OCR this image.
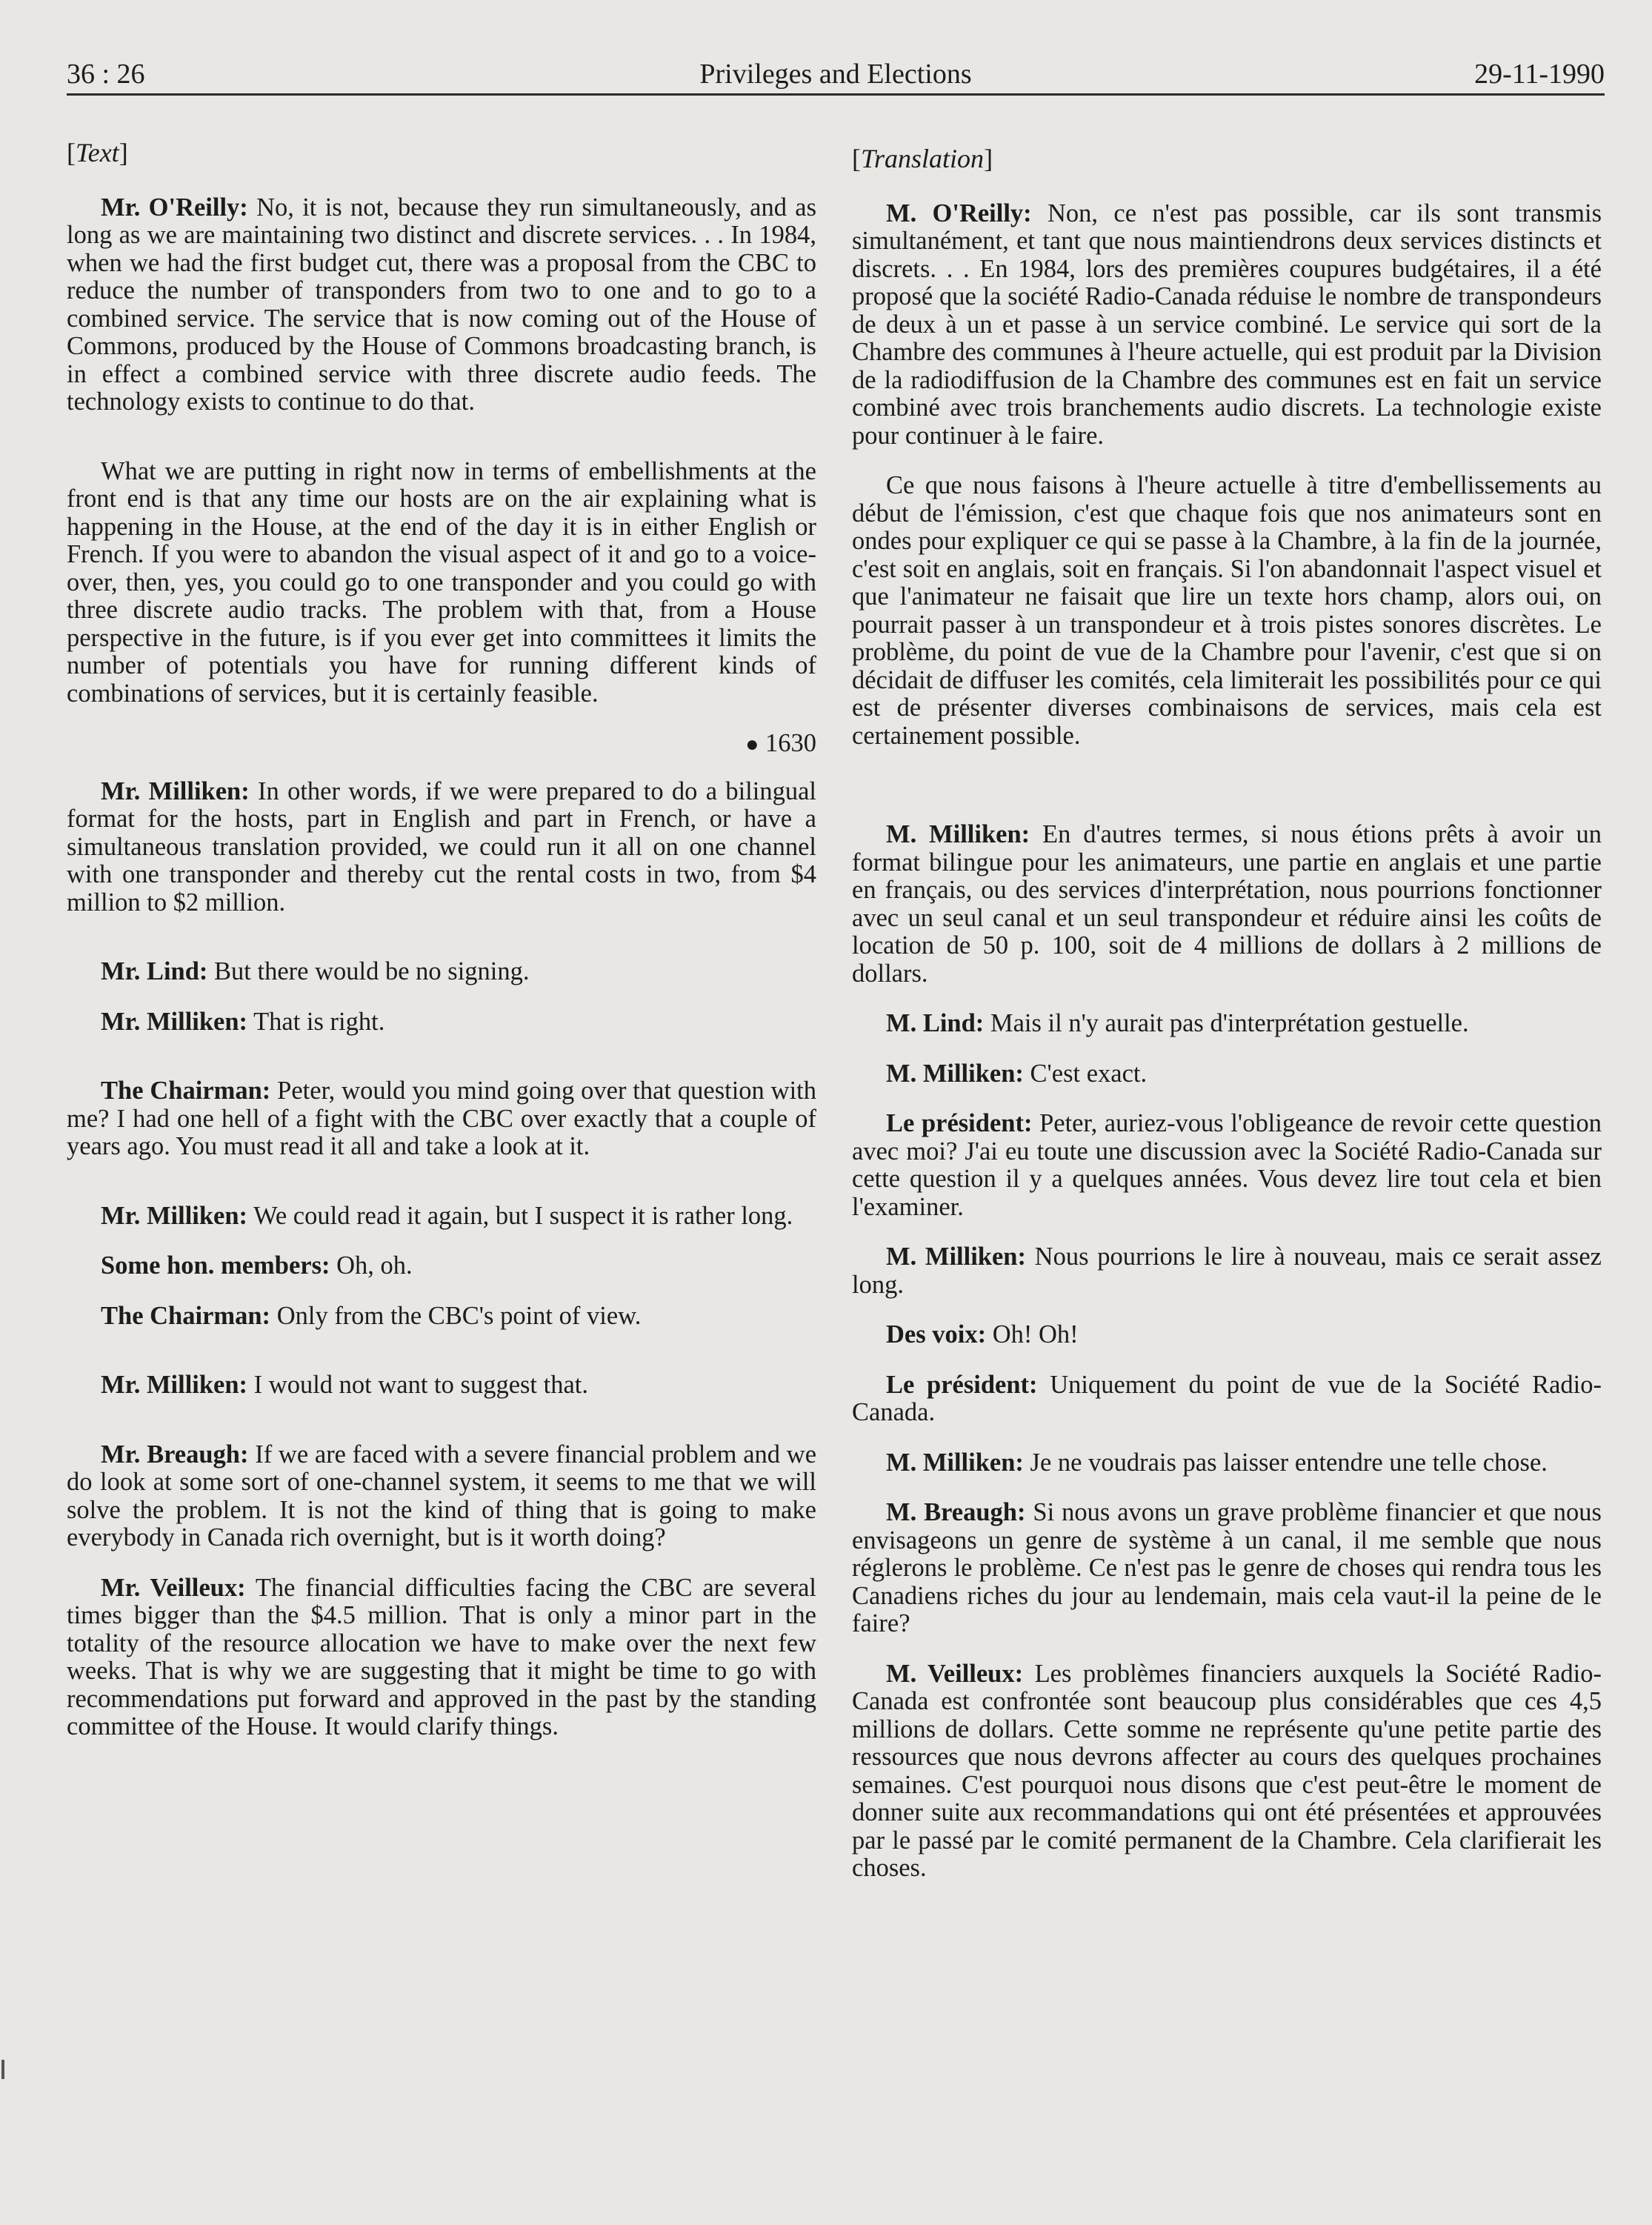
36 : 26	Privileges and Elections	29-11-1990
[Text]

Mr. O'Reilly: No, it is not, because they run simultaneously, and as long as we are maintaining two distinct and discrete services. . . In 1984, when we had the first budget cut, there was a proposal from the CBC to reduce the number of transponders from two to one and to go to a combined service. The service that is now coming out of the House of Commons, produced by the House of Commons broadcasting branch, is in effect a combined service with three discrete audio feeds. The technology exists to continue to do that.

What we are putting in right now in terms of embellishments at the front end is that any time our hosts are on the air explaining what is happening in the House, at the end of the day it is in either English or French. If you were to abandon the visual aspect of it and go to a voice-over, then, yes, you could go to one transponder and you could go with three discrete audio tracks. The problem with that, from a House perspective in the future, is if you ever get into committees it limits the number of potentials you have for running different kinds of combinations of services, but it is certainly feasible.

● 1630

Mr. Milliken: In other words, if we were prepared to do a bilingual format for the hosts, part in English and part in French, or have a simultaneous translation provided, we could run it all on one channel with one transponder and thereby cut the rental costs in two, from $4 million to $2 million.

Mr. Lind: But there would be no signing.

Mr. Milliken: That is right.

The Chairman: Peter, would you mind going over that question with me? I had one hell of a fight with the CBC over exactly that a couple of years ago. You must read it all and take a look at it.

Mr. Milliken: We could read it again, but I suspect it is rather long.

Some hon. members: Oh, oh.

The Chairman: Only from the CBC's point of view.

Mr. Milliken: I would not want to suggest that.

Mr. Breaugh: If we are faced with a severe financial problem and we do look at some sort of one-channel system, it seems to me that we will solve the problem. It is not the kind of thing that is going to make everybody in Canada rich overnight, but is it worth doing?

Mr. Veilleux: The financial difficulties facing the CBC are several times bigger than the $4.5 million. That is only a minor part in the totality of the resource allocation we have to make over the next few weeks. That is why we are suggesting that it might be time to go with recommendations put forward and approved in the past by the standing committee of the House. It would clarify things.

[Translation]

M. O'Reilly: Non, ce n'est pas possible, car ils sont transmis simultanément, et tant que nous maintiendrons deux services distincts et discrets. . . En 1984, lors des premières coupures budgétaires, il a été proposé que la société Radio-Canada réduise le nombre de transpondeurs de deux à un et passe à un service combiné. Le service qui sort de la Chambre des communes à l'heure actuelle, qui est produit par la Division de la radiodiffusion de la Chambre des communes est en fait un service combiné avec trois branchements audio discrets. La technologie existe pour continuer à le faire.

Ce que nous faisons à l'heure actuelle à titre d'embellissements au début de l'émission, c'est que chaque fois que nos animateurs sont en ondes pour expliquer ce qui se passe à la Chambre, à la fin de la journée, c'est soit en anglais, soit en français. Si l'on abandonnait l'aspect visuel et que l'animateur ne faisait que lire un texte hors champ, alors oui, on pourrait passer à un transpondeur et à trois pistes sonores discrètes. Le problème, du point de vue de la Chambre pour l'avenir, c'est que si on décidait de diffuser les comités, cela limiterait les possibilités pour ce qui est de présenter diverses combinaisons de services, mais cela est certainement possible.

M. Milliken: En d'autres termes, si nous étions prêts à avoir un format bilingue pour les animateurs, une partie en anglais et une partie en français, ou des services d'interprétation, nous pourrions fonctionner avec un seul canal et un seul transpondeur et réduire ainsi les coûts de location de 50 p. 100, soit de 4 millions de dollars à 2 millions de dollars.

M. Lind: Mais il n'y aurait pas d'interprétation gestuelle.

M. Milliken: C'est exact.

Le président: Peter, auriez-vous l'obligeance de revoir cette question avec moi? J'ai eu toute une discussion avec la Société Radio-Canada sur cette question il y a quelques années. Vous devez lire tout cela et bien l'examiner.

M. Milliken: Nous pourrions le lire à nouveau, mais ce serait assez long.

Des voix: Oh! Oh!

Le président: Uniquement du point de vue de la Société Radio-Canada.

M. Milliken: Je ne voudrais pas laisser entendre une telle chose.

M. Breaugh: Si nous avons un grave problème financier et que nous envisageons un genre de système à un canal, il me semble que nous réglerons le problème. Ce n'est pas le genre de choses qui rendra tous les Canadiens riches du jour au lendemain, mais cela vaut-il la peine de le faire?

M. Veilleux: Les problèmes financiers auxquels la Société Radio-Canada est confrontée sont beaucoup plus considérables que ces 4,5 millions de dollars. Cette somme ne représente qu'une petite partie des ressources que nous devrons affecter au cours des quelques prochaines semaines. C'est pourquoi nous disons que c'est peut-être le moment de donner suite aux recommandations qui ont été présentées et approuvées par le passé par le comité permanent de la Chambre. Cela clarifierait les choses.
